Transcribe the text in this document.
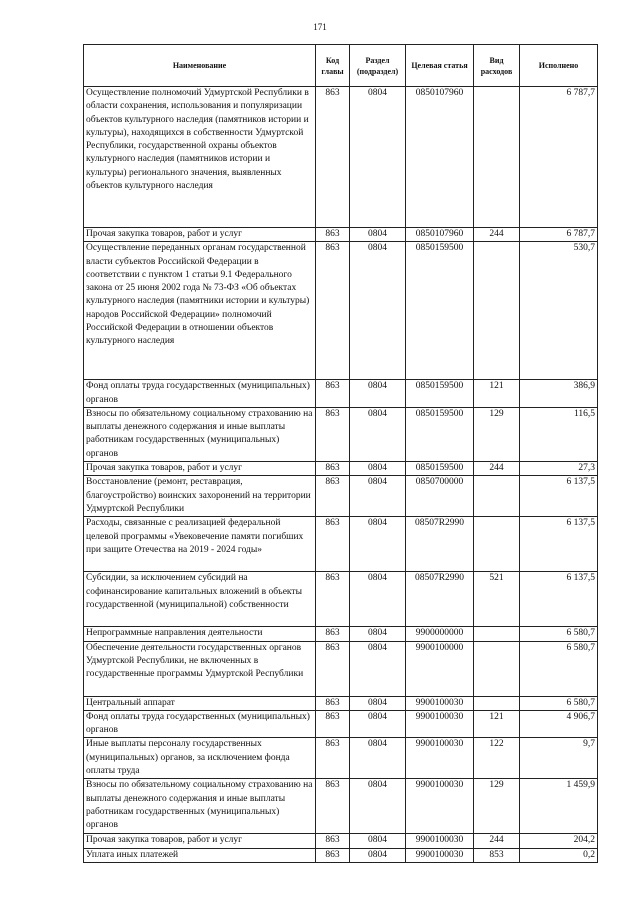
171
Наименование	Код главы	Раздел (подраздел)	Целевая статья	Вид расходов	Исполнено
Осуществление полномочий Удмуртской Республики в области сохранения, использования и популяризации объектов культурного наследия (памятников истории и культуры), находящихся в собственности Удмуртской Республики, государственной охраны объектов культурного наследия (памятников истории и культуры) регионального значения, выявленных объектов культурного наследия	863	0804	0850107960		6 787,7
Прочая закупка товаров, работ и услуг	863	0804	0850107960	244	6 787,7
Осуществление переданных органам государственной власти субъектов Российской Федерации в соответствии с пунктом 1 статьи 9.1 Федерального закона от 25 июня 2002 года № 73-ФЗ «Об объектах культурного наследия (памятники истории и культуры) народов Российской Федерации» полномочий Российской Федерации в отношении объектов культурного наследия	863	0804	0850159500		530,7
Фонд оплаты труда государственных (муниципальных) органов	863	0804	0850159500	121	386,9
Взносы по обязательному социальному страхованию на выплаты денежного содержания и иные выплаты работникам государственных (муниципальных) органов	863	0804	0850159500	129	116,5
Прочая закупка товаров, работ и услуг	863	0804	0850159500	244	27,3
Восстановление (ремонт, реставрация, благоустройство) воинских захоронений на территории Удмуртской Республики	863	0804	0850700000		6 137,5
Расходы, связанные с реализацией федеральной целевой программы «Увековечение памяти погибших при защите Отечества на 2019 - 2024 годы»	863	0804	08507R2990		6 137,5
Субсидии, за исключением субсидий на софинансирование капитальных вложений в объекты государственной (муниципальной) собственности	863	0804	08507R2990	521	6 137,5
Непрограммные направления деятельности	863	0804	9900000000		6 580,7
Обеспечение деятельности государственных органов Удмуртской Республики, не включенных в государственные программы Удмуртской Республики	863	0804	9900100000		6 580,7
Центральный аппарат	863	0804	9900100030		6 580,7
Фонд оплаты труда государственных (муниципальных) органов	863	0804	9900100030	121	4 906,7
Иные выплаты персоналу государственных (муниципальных) органов, за исключением фонда оплаты труда	863	0804	9900100030	122	9,7
Взносы по обязательному социальному страхованию на выплаты денежного содержания и иные выплаты работникам государственных (муниципальных) органов	863	0804	9900100030	129	1 459,9
Прочая закупка товаров, работ и услуг	863	0804	9900100030	244	204,2
Уплата иных платежей	863	0804	9900100030	853	0,2
